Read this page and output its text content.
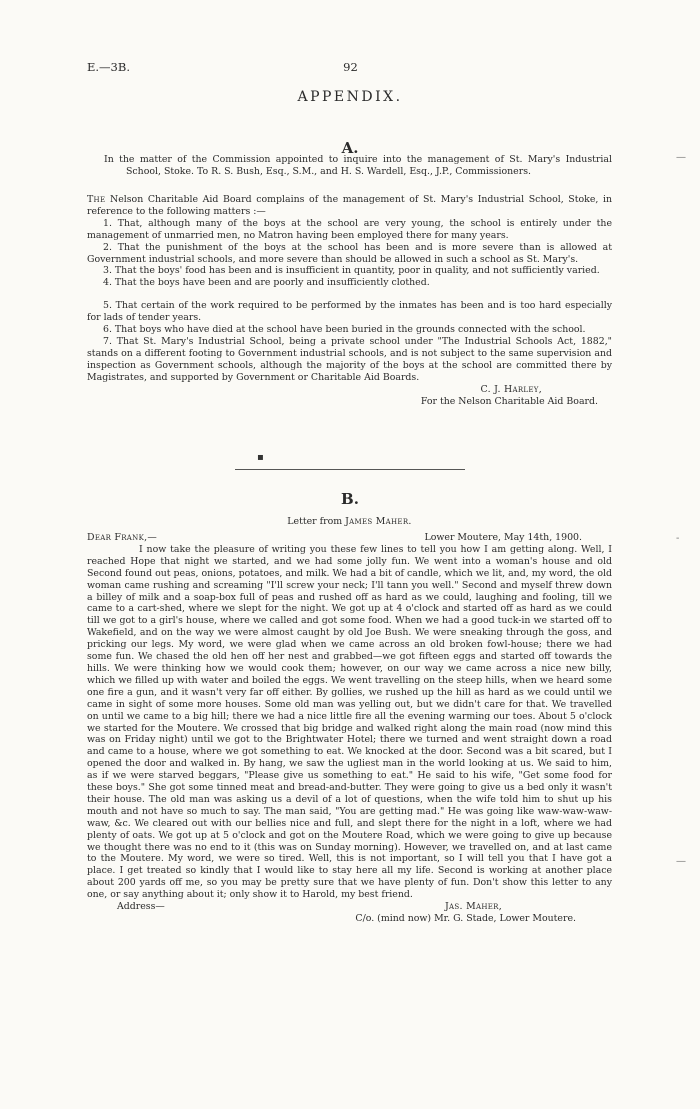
E.—3B.	92
APPENDIX.
A.

In the matter of the Commission appointed to inquire into the management of St. Mary's Industrial School, Stoke. To R. S. Bush, Esq., S.M., and H. S. Wardell, Esq., J.P., Commissioners.

The Nelson Charitable Aid Board complains of the management of St. Mary's Industrial School, Stoke, in reference to the following matters :—

1. That, although many of the boys at the school are very young, the school is entirely under the management of unmarried men, no Matron having been employed there for many years.

2. That the punishment of the boys at the school has been and is more severe than is allowed at Government industrial schools, and more severe than should be allowed in such a school as St. Mary's.

3. That the boys' food has been and is insufficient in quantity, poor in quality, and not sufficiently varied.

4. That the boys have been and are poorly and insufficiently clothed.

5. That certain of the work required to be performed by the inmates has been and is too hard especially for lads of tender years.

6. That boys who have died at the school have been buried in the grounds connected with the school.

7. That St. Mary's Industrial School, being a private school under "The Industrial Schools Act, 1882," stands on a different footing to Government industrial schools, and is not subject to the same supervision and inspection as Government schools, although the majority of the boys at the school are committed there by Magistrates, and supported by Government or Charitable Aid Boards.

C. J. Harley,

For the Nelson Charitable Aid Board.

B.
Letter from James Maher.

Dear Frank,—	Lower Moutere, May 14th, 1900.

I now take the pleasure of writing you these few lines to tell you how I am getting along. Well, I reached Hope that night we started, and we had some jolly fun. We went into a woman's house and old Second found out peas, onions, potatoes, and milk. We had a bit of candle, which we lit, and, my word, the old woman came rushing and screaming "I'll screw your neck; I'll tann you well." Second and myself threw down a billey of milk and a soap-box full of peas and rushed off as hard as we could, laughing and fooling, till we came to a cart-shed, where we slept for the night. We got up at 4 o'clock and started off as hard as we could till we got to a girl's house, where we called and got some food. When we had a good tuck-in we started off to Wakefield, and on the way we were almost caught by old Joe Bush. We were sneaking through the goss, and pricking our legs. My word, we were glad when we came across an old broken fowl-house; there we had some fun. We chased the old hen off her nest and grabbed—we got fifteen eggs and started off towards the hills. We were thinking how we would cook them; however, on our way we came across a nice new billy, which we filled up with water and boiled the eggs. We went travelling on the steep hills, when we heard some one fire a gun, and it wasn't very far off either. By gollies, we rushed up the hill as hard as we could until we came in sight of some more houses. Some old man was yelling out, but we didn't care for that. We travelled on until we came to a big hill; there we had a nice little fire all the evening warming our toes. About 5 o'clock we started for the Moutere. We crossed that big bridge and walked right along the main road (now mind this was on Friday night) until we got to the Brightwater Hotel; there we turned and went straight down a road and came to a house, where we got something to eat. We knocked at the door. Second was a bit scared, but I opened the door and walked in. By hang, we saw the ugliest man in the world looking at us. We said to him, as if we were starved beggars, "Please give us something to eat." He said to his wife, "Get some food for these boys." She got some tinned meat and bread-and-butter. They were going to give us a bed only it wasn't their house. The old man was asking us a devil of a lot of questions, when the wife told him to shut up his mouth and not have so much to say. The man said, "You are getting mad." He was going like waw-waw-waw-waw, &c. We cleared out with our bellies nice and full, and slept there for the night in a loft, where we had plenty of oats. We got up at 5 o'clock and got on the Moutere Road, which we were going to give up because we thought there was no end to it (this was on Sunday morning). However, we travelled on, and at last came to the Moutere. My word, we were so tired. Well, this is not important, so I will tell you that I have got a place. I get treated so kindly that I would like to stay here all my life. Second is working at another place about 200 yards off me, so you may be pretty sure that we have plenty of fun. Don't show this letter to any one, or say anything about it; only show it to Harold, my best friend.

Address—	Jas. Maher,

C/o. (mind now) Mr. G. Stade, Lower Moutere.

—
-
—
▪
